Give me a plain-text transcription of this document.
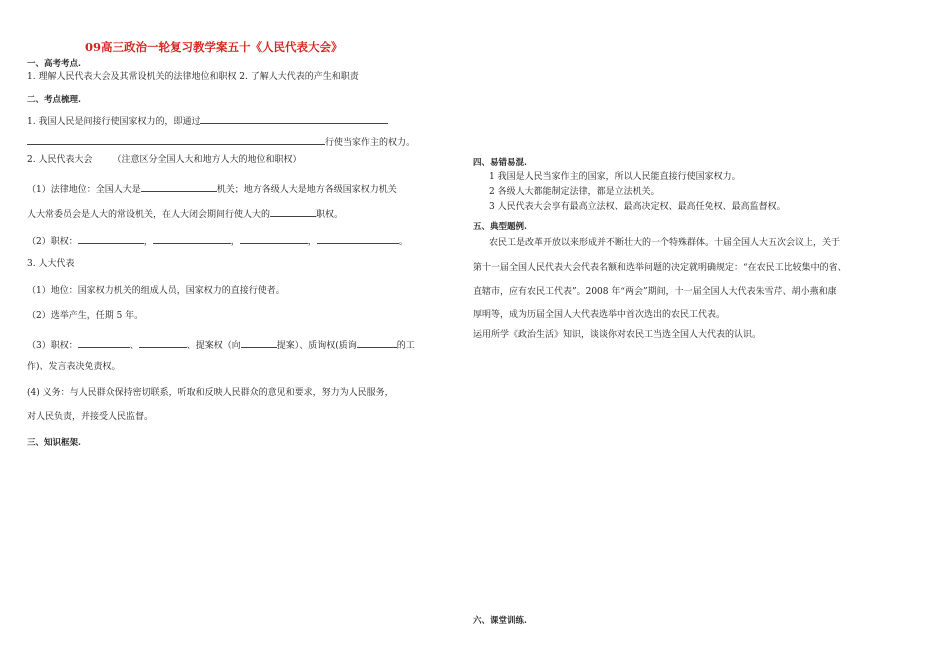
09高三政治一轮复习教学案五十《人民代表大会》
一、高考考点.
1. 理解人民代表大会及其常设机关的法律地位和职权 2. 了解人大代表的产生和职责
二、考点梳理.
1. 我国人民是间接行使国家权力的，即通过
行使当家作主的权力。
2. 人民代表大会 （注意区分全国人大和地方人大的地位和职权）
（1）法律地位：全国人大是	机关；地方各级人大是地方各级国家权力机关
人大常委员会是人大的常设机关，在人大闭会期间行使人大的	职权。
（2）职权：	，	，	，	。
3. 人大代表
（1）地位：国家权力机关的组成人员，国家权力的直接行使者。
（2）选举产生，任期 5 年。
（3）职权：	、	、提案权（向	提案）、质询权(质询	的工
作)、发言表决免责权。
(4) 义务：与人民群众保持密切联系，听取和反映人民群众的意见和要求，努力为人民服务，
对人民负责，并接受人民监督。
三、知识框架.
四、易错易混.
1 我国是人民当家作主的国家，所以人民能直接行使国家权力。
2 各级人大都能制定法律，都是立法机关。
3 人民代表大会享有最高立法权、最高决定权、最高任免权、最高监督权。
五、典型题例.
农民工是改革开放以来形成并不断壮大的一个特殊群体。十届全国人大五次会议上，关于
第十一届全国人民代表大会代表名额和选举问题的决定就明确规定：“在农民工比较集中的省、
直辖市，应有农民工代表”。2008 年“两会”期间，十一届全国人大代表朱雪芹、胡小燕和康
厚明等，成为历届全国人大代表选举中首次选出的农民工代表。
运用所学《政治生活》知识，谈谈你对农民工当选全国人大代表的认识。
六、课堂训练.
